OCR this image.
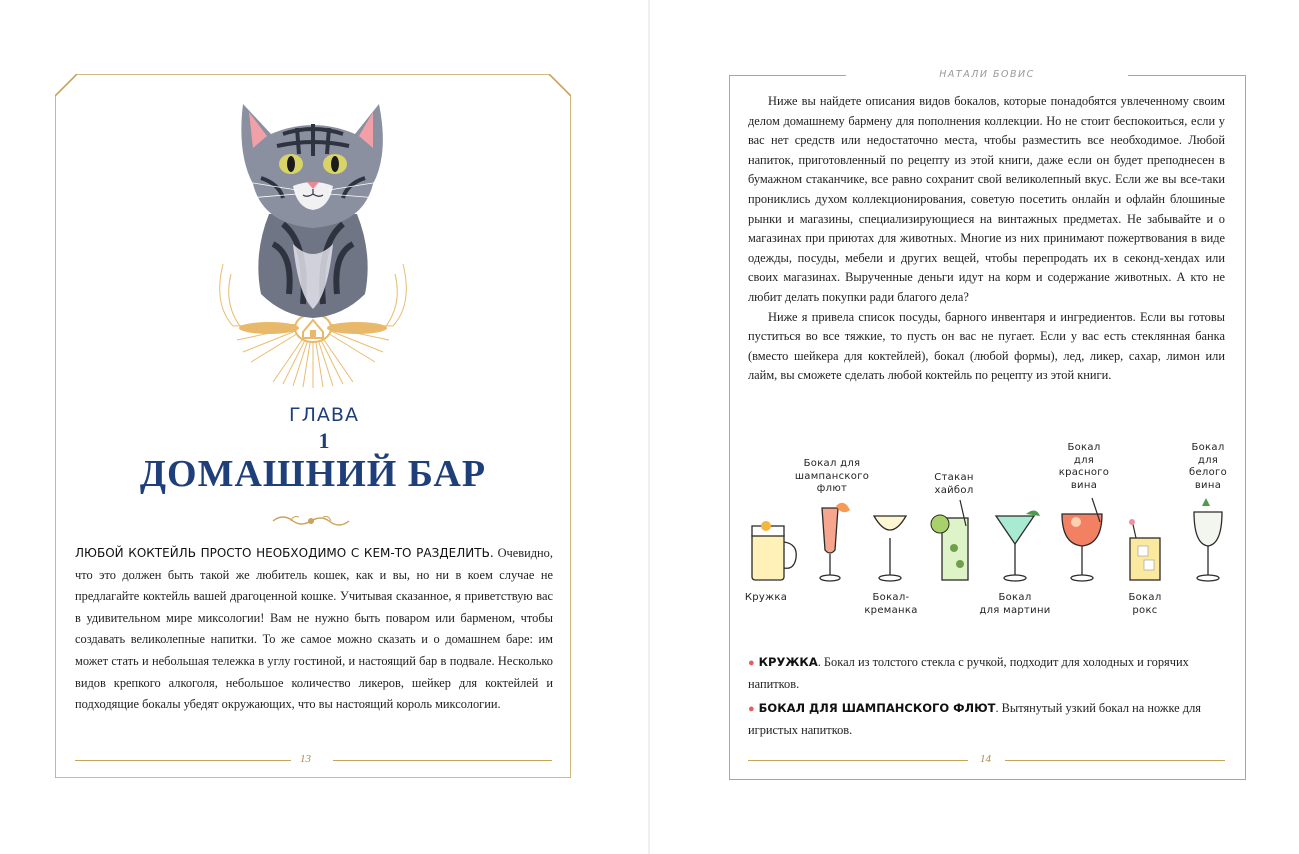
ГЛАВА
1
ДОМАШНИЙ БАР
ЛЮБОЙ КОКТЕЙЛЬ ПРОСТО НЕОБХОДИМО С КЕМ-ТО РАЗДЕЛИТЬ. Очевидно, что это должен быть такой же любитель кошек, как и вы, но ни в коем случае не предлагайте коктейль вашей драгоценной кошке. Учитывая сказанное, я приветствую вас в удивительном мире миксологии! Вам не нужно быть поваром или барменом, чтобы создавать великолепные напитки. То же самое можно сказать и о домашнем баре: им может стать и небольшая тележка в углу гостиной, и настоящий бар в подвале. Несколько видов крепкого алкоголя, небольшое количество ликеров, шейкер для коктейлей и подходящие бокалы убедят окружающих, что вы настоящий король миксологии.
13
НАТАЛИ БОВИС

Ниже вы найдете описания видов бокалов, которые понадобятся увлеченному своим делом домашнему бармену для пополнения коллекции. Но не стоит беспокоиться, если у вас нет средств или недостаточно места, чтобы разместить все необходимое. Любой напиток, приготовленный по рецепту из этой книги, даже если он будет преподнесен в бумажном стаканчике, все равно сохранит свой великолепный вкус. Если же вы все-таки прониклись духом коллекционирования, советую посетить онлайн и офлайн блошиные рынки и магазины, специализирующиеся на винтажных предметах. Не забывайте и о магазинах при приютах для животных. Многие из них принимают пожертвования в виде одежды, посуды, мебели и других вещей, чтобы перепродать их в секонд-хендах или своих магазинах. Вырученные деньги идут на корм и содержание животных. А кто не любит делать покупки ради благого дела?

Ниже я привела список посуды, барного инвентаря и ингредиентов. Если вы готовы пуститься во все тяжкие, то пусть он вас не пугает. Если у вас есть стеклянная банка (вместо шейкера для коктейлей), бокал (любой формы), лед, ликер, сахар, лимон или лайм, вы сможете сделать любой коктейль по рецепту из этой книги.

Кружка
Бокал для
шампанского
флют
Бокал-
креманка
Стакан
хайбол
Бокал
для мартини
Бокал
для
красного
вина
Бокал
рокс
Бокал
для
белого
вина
● КРУЖКА. Бокал из толстого стекла с ручкой, подходит для холодных и горячих напитков.
● БОКАЛ ДЛЯ ШАМПАНСКОГО ФЛЮТ. Вытянутый узкий бокал на ножке для игристых напитков.
14
